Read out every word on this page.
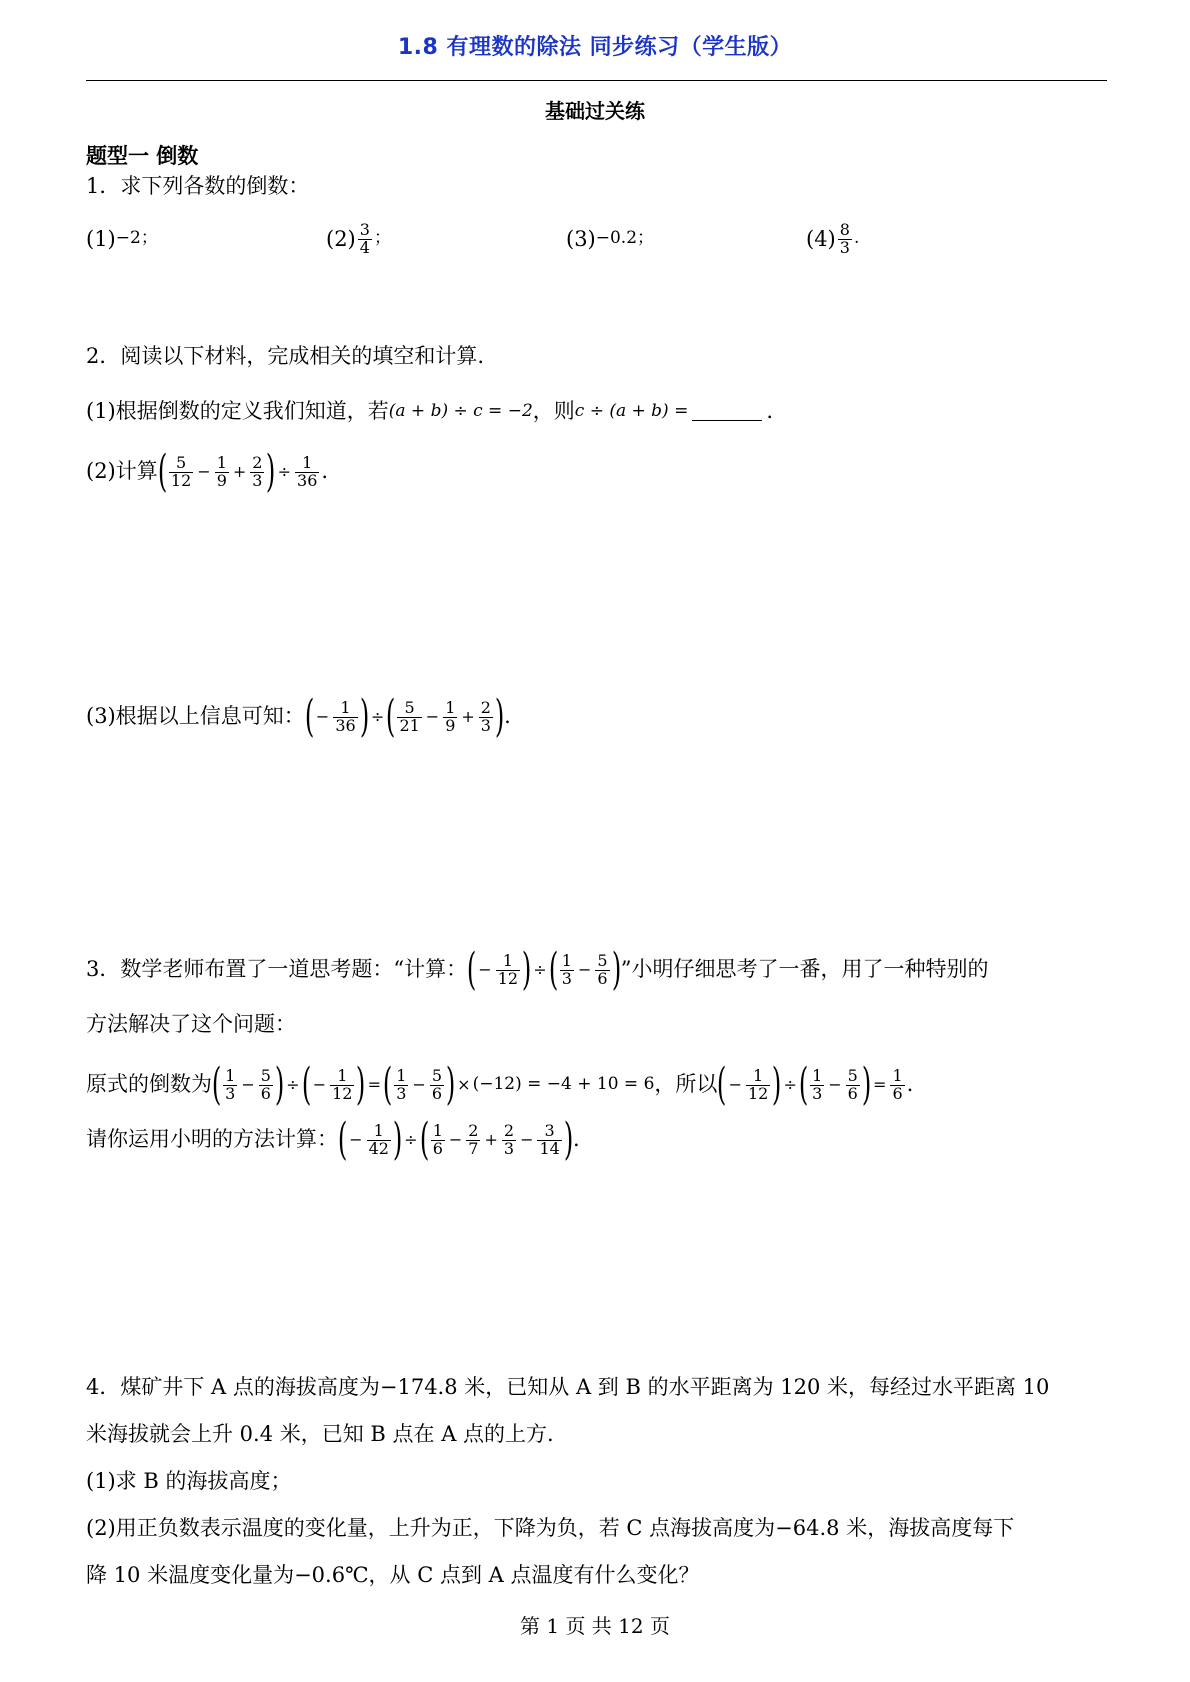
1.8 有理数的除法 同步练习（学生版）
基础过关练
题型一 倒数
1．求下列各数的倒数：
(1) −2 ；	$(2) \frac{3}{4}$ ；	(3) −0.2 ；	$(4) \frac{8}{3}$ .
2．阅读以下材料，完成相关的填空和计算.
(1)根据倒数的定义我们知道，若 (a + b) ÷ c = −2 ，则 c ÷ (a + b) =	.
(2)计算 ( $\frac{5}{12} - \frac{1}{9} + \frac{2}{3}$ ) ÷ $\frac{1}{36}$ .
(3)根据以上信息可知： ( − $\frac{1}{36}$ ) ÷ ( $\frac{5}{21} - \frac{1}{9} + \frac{2}{3}$ ) .
3．数学老师布置了一道思考题：“计算： ( − $\frac{1}{12}$ ) ÷ ( $\frac{1}{3} - \frac{5}{6}$ ) ”小明仔细思考了一番，用了一种特别的
方法解决了这个问题：
原式的倒数为 ( $\frac{1}{3} - \frac{5}{6}$ ) ÷ ( − $\frac{1}{12}$ ) = ( $\frac{1}{3} - \frac{5}{6}$ ) × (−12) = −4 + 10 = 6 ，所以 ( − $\frac{1}{12}$ ) ÷ ( $\frac{1}{3} - \frac{5}{6}$ ) = $\frac{1}{6}$ .
请你运用小明的方法计算： ( − $\frac{1}{42}$ ) ÷ ( $\frac{1}{6} - \frac{2}{7} + \frac{2}{3} - \frac{3}{14}$ ) .
4．煤矿井下 A 点的海拔高度为−174.8 米，已知从 A 到 B 的水平距离为 120 米，每经过水平距离 10
米海拔就会上升 0.4 米，已知 B 点在 A 点的上方.
(1)求 B 的海拔高度；
(2)用正负数表示温度的变化量，上升为正，下降为负，若 C 点海拔高度为−64.8 米，海拔高度每下
降 10 米温度变化量为−0.6℃，从 C 点到 A 点温度有什么变化？
第 1 页 共 12 页
